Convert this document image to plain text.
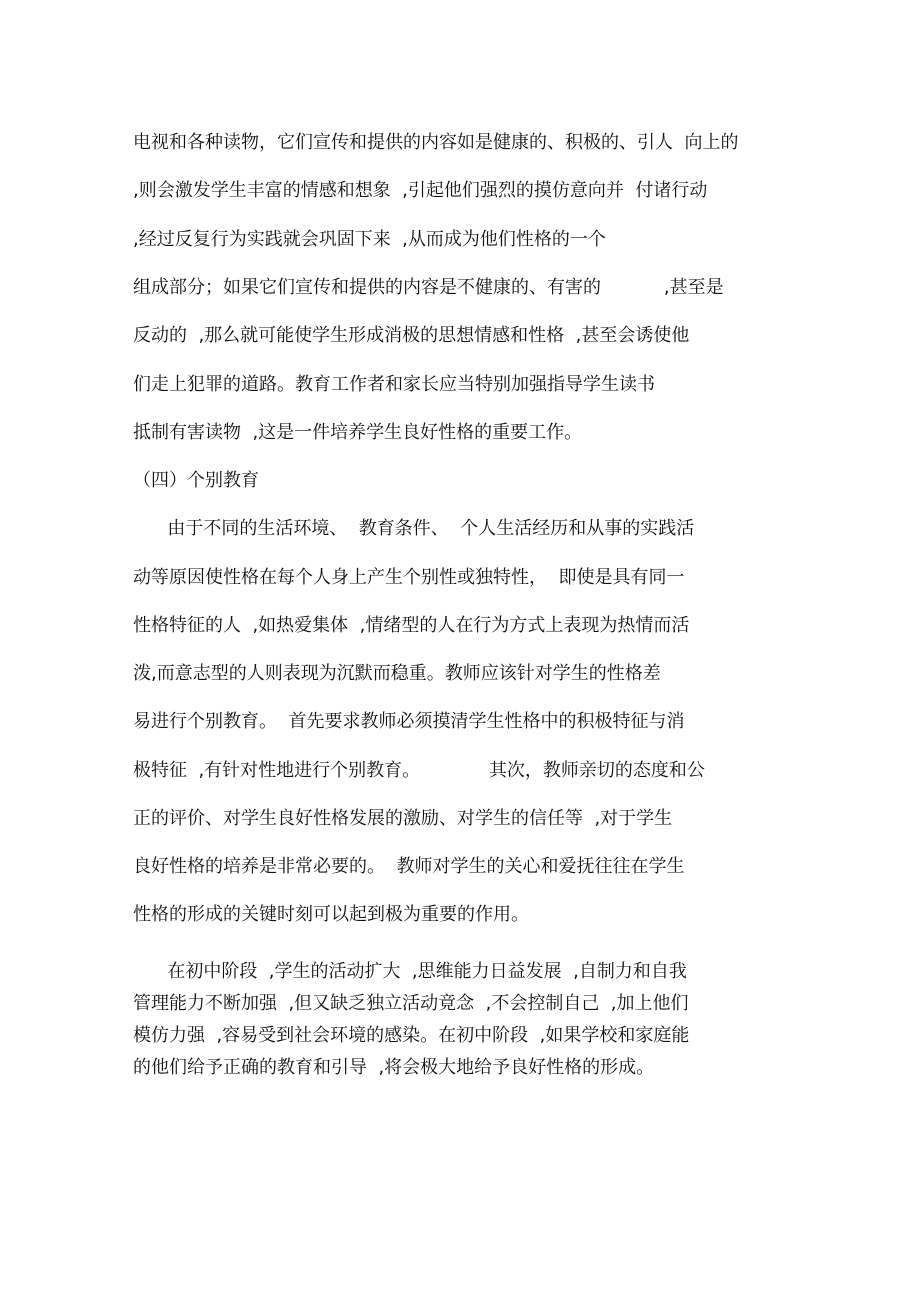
电视和各种读物，它们宣传和提供的内容如是健康的、积极的、引人  向上的
,则会激发学生丰富的情感和想象  ,引起他们强烈的摸仿意向并  付诸行动
,经过反复行为实践就会巩固下来  ,从而成为他们性格的一个
组成部分；如果它们宣传和提供的内容是不健康的、有害的           ,甚至是
反动的  ,那么就可能使学生形成消极的思想情感和性格  ,甚至会诱使他
们走上犯罪的道路。教育工作者和家长应当特别加强指导学生读书
抵制有害读物  ,这是一件培养学生良好性格的重要工作。
（四）个别教育
由于不同的生活环境、  教育条件、  个人生活经历和从事的实践活
动等原因使性格在每个人身上产生个别性或独特性，  即使是具有同一
性格特征的人  ,如热爱集体  ,情绪型的人在行为方式上表现为热情而活
泼,而意志型的人则表现为沉默而稳重。教师应该针对学生的性格差
易进行个别教育。  首先要求教师必须摸清学生性格中的积极特征与消
极特征  ,有针对性地进行个别教育。            其次，教师亲切的态度和公
正的评价、对学生良好性格发展的激励、对学生的信任等  ,对于学生
良好性格的培养是非常必要的。  教师对学生的关心和爱抚往往在学生
性格的形成的关键时刻可以起到极为重要的作用。
在初中阶段  ,学生的活动扩大  ,思维能力日益发展  ,自制力和自我
管理能力不断加强  ,但又缺乏独立活动竟念  ,不会控制自己  ,加上他们
模仿力强  ,容易受到社会环境的感染。在初中阶段  ,如果学校和家庭能
的他们给予正确的教育和引导  ,将会极大地给予良好性格的形成。
